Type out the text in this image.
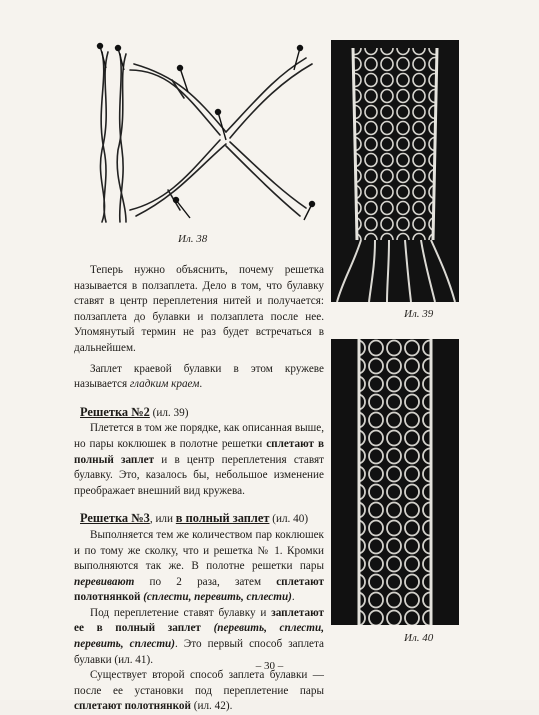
Ил. 38
Ил. 39
Ил. 40

Теперь нужно объяснить, почему решетка называется в ползаплета. Дело в том, что булавку ставят в центр переплетения нитей и получается: ползаплета до булавки и ползаплета после нее. Упомянутый термин не раз будет встречаться в дальнейшем.

Заплет краевой булавки в этом кружеве называется гладким краем.

Решетка №2 (ил. 39)

Плетется в том же порядке, как описанная выше, но пары коклюшек в полотне решетки сплетают в полный заплет и в центр переплетения ставят булавку. Это, казалось бы, небольшое изменение преображает внешний вид кружева.

Решетка №3, или в полный заплет (ил. 40)

Выполняется тем же количеством пар коклюшек и по тому же сколку, что и решетка № 1. Кромки выполняются так же. В полотне решетки пары перевивают по 2 раза, затем сплетают полотнянкой (сплести, перевить, сплести).

Под переплетение ставят булавку и заплетают ее в полный заплет (перевить, сплести, перевить, сплести). Это первый способ заплета булавки (ил. 41).

Существует второй способ заплета булавки — после ее установки под переплетение пары сплетают полотнянкой (ил. 42).

– 30 –
